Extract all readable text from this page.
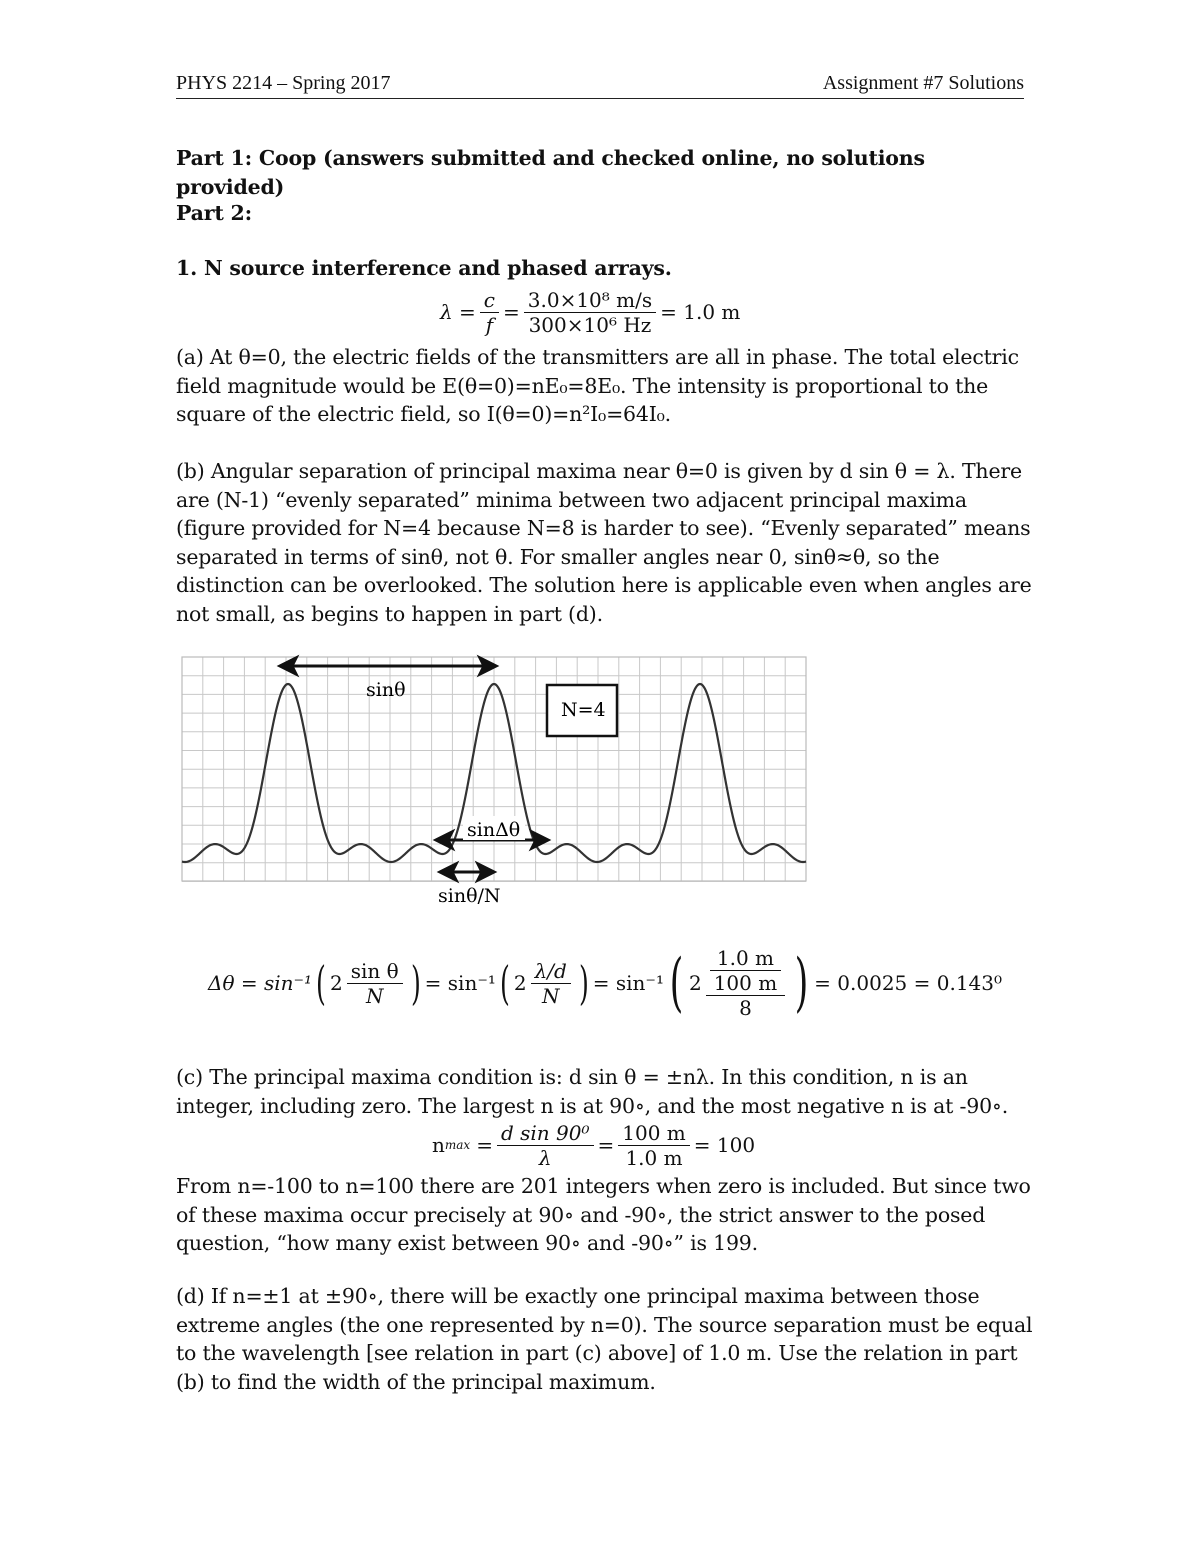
PHYS 2214 – Spring 2017	Assignment #7 Solutions
Part 1: Coop (answers submitted and checked online, no solutions provided)
Part 2:
1. N source interference and phased arrays.
$\lambda = \frac{c}{f} = \frac{\text{3.0×10⁸ m/s}}{\text{300×10⁶ Hz}} = 1.0$ m
(a) At θ=0, the electric fields of the transmitters are all in phase. The total electric
field magnitude would be E(θ=0)=nE₀=8E₀. The intensity is proportional to the
square of the electric field, so I(θ=0)=n²I₀=64I₀.
(b) Angular separation of principal maxima near θ=0 is given by d sin θ = λ. There
are (N-1) “evenly separated” minima between two adjacent principal maxima
(figure provided for N=4 because N=8 is harder to see). “Evenly separated” means
separated in terms of sinθ, not θ. For smaller angles near 0, sinθ≈θ, so the
distinction can be overlooked. The solution here is applicable even when angles are
not small, as begins to happen in part (d).
sinθ
N=4
sinΔθ
sinθ/N
Δθ = sin⁻¹ ( $2 \frac{\text{sin θ}}{N}$ ) = sin⁻¹ ( $2 \frac{\lambda/d}{N}$ ) = sin⁻¹ ( $2 \frac{\frac{1.0 m}{100 m}}{8}$ ) = 0.0025 = 0.143⁰
(c) The principal maxima condition is: d sin θ = ±nλ. In this condition, n is an
integer, including zero. The largest n is at 90∘, and the most negative n is at -90∘.
n $\max = \frac{\text{d sin 90⁰}}{\lambda} = \frac{100 m}{1.0 m} = 100$
From n=-100 to n=100 there are 201 integers when zero is included. But since two
of these maxima occur precisely at 90∘ and -90∘, the strict answer to the posed
question, “how many exist between 90∘ and -90∘” is 199.
(d) If n=±1 at ±90∘, there will be exactly one principal maxima between those
extreme angles (the one represented by n=0). The source separation must be equal
to the wavelength [see relation in part (c) above] of 1.0 m. Use the relation in part
(b) to find the width of the principal maximum.
